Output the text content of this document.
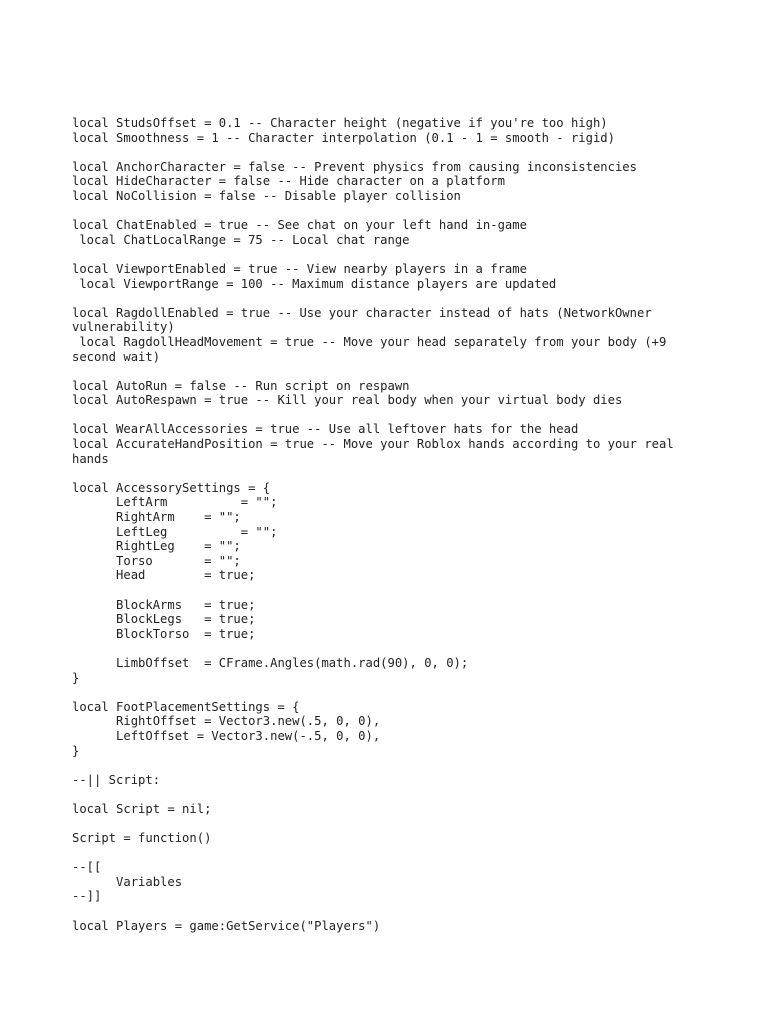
local StudsOffset = 0.1 -- Character height (negative if you're too high)
local Smoothness = 1 -- Character interpolation (0.1 - 1 = smooth - rigid)
local AnchorCharacter = false -- Prevent physics from causing inconsistencies
local HideCharacter = false -- Hide character on a platform
local NoCollision = false -- Disable player collision
local ChatEnabled = true -- See chat on your left hand in-game
local ChatLocalRange = 75 -- Local chat range
local ViewportEnabled = true -- View nearby players in a frame
local ViewportRange = 100 -- Maximum distance players are updated
local RagdollEnabled = true -- Use your character instead of hats (NetworkOwner vulnerability)
local RagdollHeadMovement = true -- Move your head separately from your body (+9 second wait)
local AutoRun = false -- Run script on respawn
local AutoRespawn = true -- Kill your real body when your virtual body dies
local WearAllAccessories = true -- Use all leftover hats for the head
local AccurateHandPosition = true -- Move your Roblox hands according to your real hands
local AccessorySettings = {
LeftArm          = "";
RightArm    = "";
LeftLeg          = "";
RightLeg    = "";
Torso       = "";
Head        = true;
BlockArms   = true;
BlockLegs   = true;
BlockTorso  = true;
LimbOffset  = CFrame.Angles(math.rad(90), 0, 0);
}
local FootPlacementSettings = {
RightOffset = Vector3.new(.5, 0, 0),
LeftOffset = Vector3.new(-.5, 0, 0),
}
--|| Script:
local Script = nil;
Script = function()
--[[
Variables
--]]
local Players = game:GetService("Players")
